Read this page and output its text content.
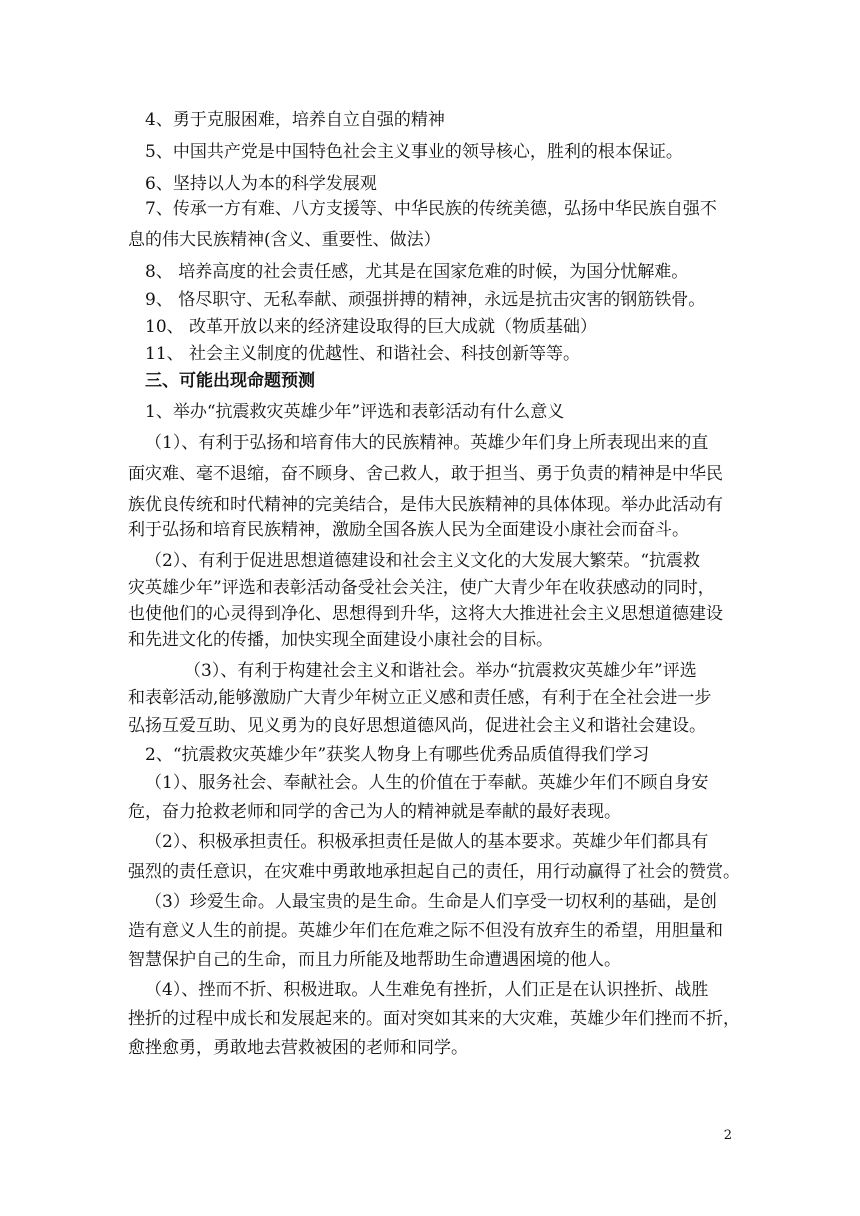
4、勇于克服困难，培养自立自强的精神
5、中国共产党是中国特色社会主义事业的领导核心，胜利的根本保证。
6、坚持以人为本的科学发展观
7、传承一方有难、八方支援等、中华民族的传统美德，弘扬中华民族自强不
息的伟大民族精神(含义、重要性、做法）
8、 培养高度的社会责任感，尤其是在国家危难的时候，为国分忧解难。
9、 恪尽职守、无私奉献、顽强拼搏的精神，永远是抗击灾害的钢筋铁骨。
10、 改革开放以来的经济建设取得的巨大成就（物质基础）
11、 社会主义制度的优越性、和谐社会、科技创新等等。
三、可能出现命题预测
1、举办“抗震救灾英雄少年”评选和表彰活动有什么意义
（1）、有利于弘扬和培育伟大的民族精神。英雄少年们身上所表现出来的直
面灾难、毫不退缩，奋不顾身、舍己救人，敢于担当、勇于负责的精神是中华民
族优良传统和时代精神的完美结合，是伟大民族精神的具体体现。举办此活动有
利于弘扬和培育民族精神，激励全国各族人民为全面建设小康社会而奋斗。
（2）、有利于促进思想道德建设和社会主义文化的大发展大繁荣。“抗震救
灾英雄少年”评选和表彰活动备受社会关注，使广大青少年在收获感动的同时，
也使他们的心灵得到净化、思想得到升华，这将大大推进社会主义思想道德建设
和先进文化的传播，加快实现全面建设小康社会的目标。
（3）、有利于构建社会主义和谐社会。举办“抗震救灾英雄少年”评选
和表彰活动,能够激励广大青少年树立正义感和责任感，有利于在全社会进一步
弘扬互爱互助、见义勇为的良好思想道德风尚，促进社会主义和谐社会建设。
2、“抗震救灾英雄少年”获奖人物身上有哪些优秀品质值得我们学习
（1）、服务社会、奉献社会。人生的价值在于奉献。英雄少年们不顾自身安
危，奋力抢救老师和同学的舍己为人的精神就是奉献的最好表现。
（2）、积极承担责任。积极承担责任是做人的基本要求。英雄少年们都具有
强烈的责任意识，在灾难中勇敢地承担起自己的责任，用行动赢得了社会的赞赏。
（3）珍爱生命。人最宝贵的是生命。生命是人们享受一切权利的基础，是创
造有意义人生的前提。英雄少年们在危难之际不但没有放弃生的希望，用胆量和
智慧保护自己的生命，而且力所能及地帮助生命遭遇困境的他人。
（4）、挫而不折、积极进取。人生难免有挫折，人们正是在认识挫折、战胜
挫折的过程中成长和发展起来的。面对突如其来的大灾难，英雄少年们挫而不折，
愈挫愈勇，勇敢地去营救被困的老师和同学。
2
